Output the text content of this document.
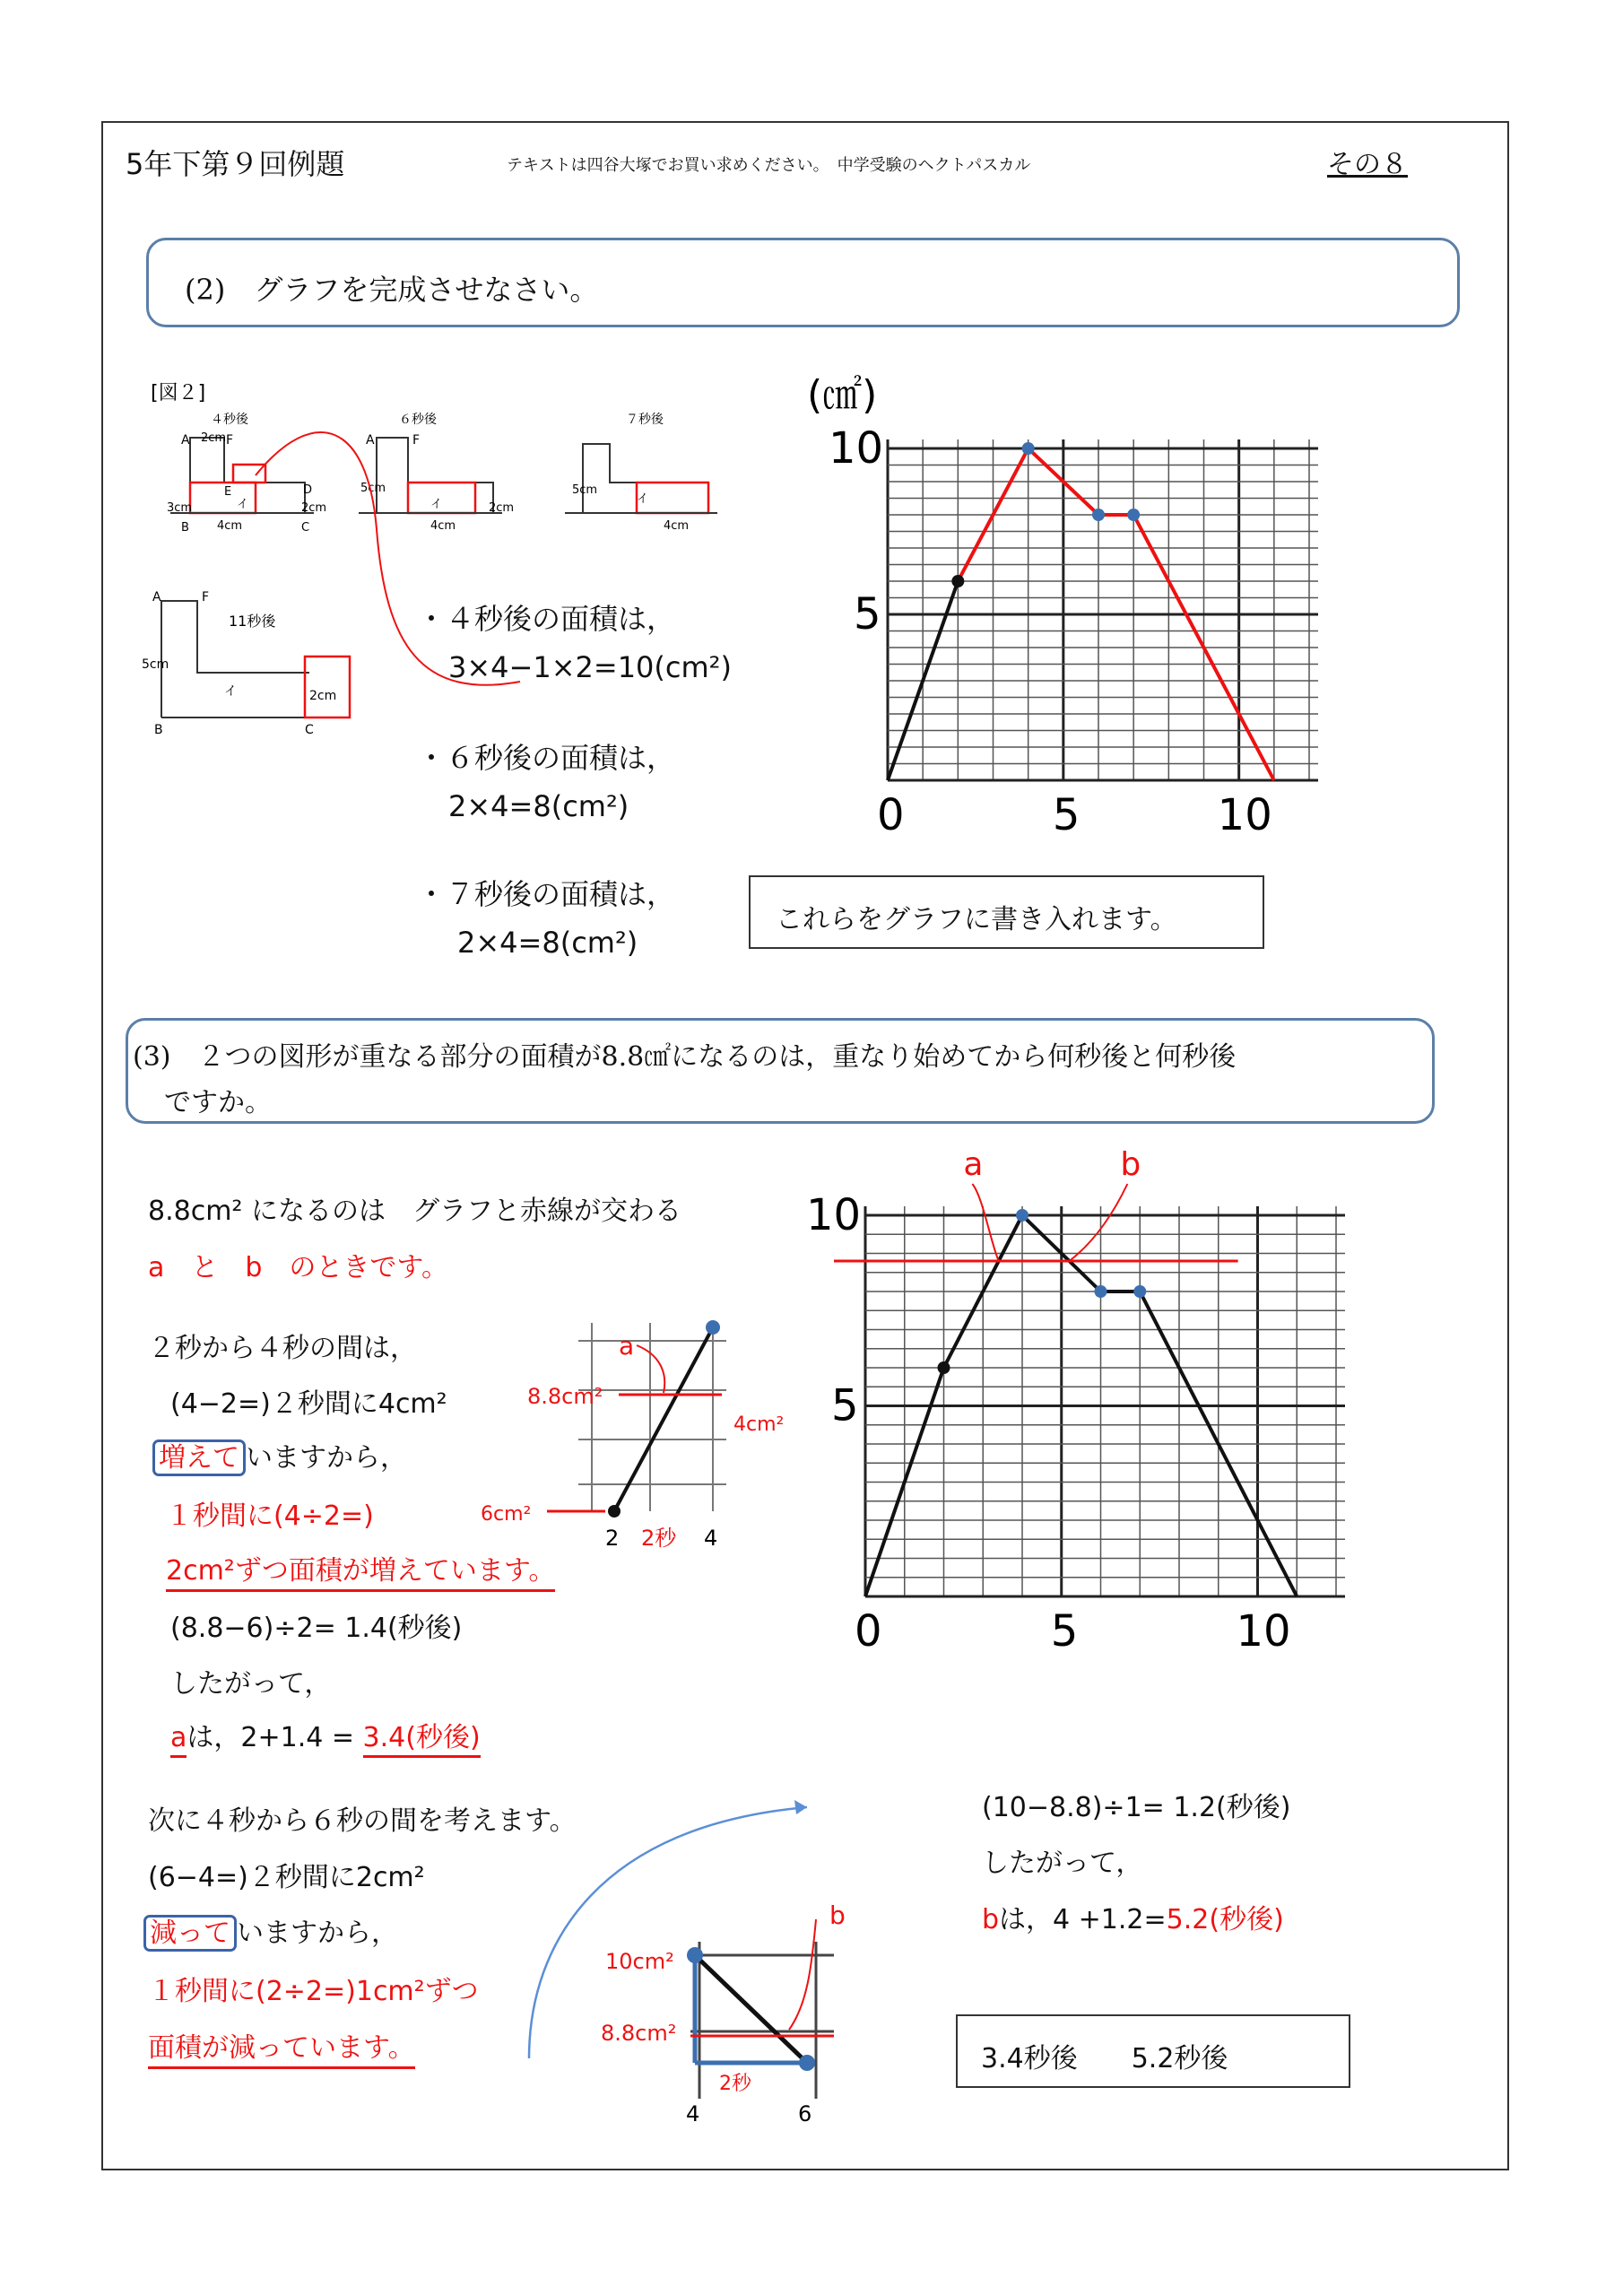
5年下第９回例題	テキストは四谷大塚でお買い求めください。　中学受験のヘクトパスカル	その８
(2)　グラフを完成させなさい。
[図２]
４秒後
A	F
2cm
3cm
4cm
D
2cm
B	C
E
イ
６秒後
A	F
5cm
4cm
イ	2cm
７秒後
5cm
4cm
イ
11秒後
A	F
5cm
イ	2cm
C
B
・４秒後の面積は，
3×4−1×2=10(cm²)
・６秒後の面積は，
2×4=8(cm²)
・７秒後の面積は，
2×4=8(cm²)
これらをグラフに書き入れます。
(㎠)
0	5	10
5
10
(3)　２つの図形が重なる部分の面積が8.8㎠になるのは，重なり始めてから何秒後と何秒後
ですか。
8.8cm² になるのは　グラフと赤線が交わる
a　と　b　のときです。
２秒から４秒の間は，
(4−2=)２秒間に4cm²
増えて いますから，
１秒間に(4÷2=)
2cm²ずつ面積が増えています。
(8.8−6)÷2= 1.4(秒後)
したがって，
aは，2+1.4 = 3.4(秒後)
次に４秒から６秒の間を考えます。
(6−4=)２秒間に2cm²
減って いますから，
１秒間に(2÷2=)1cm²ずつ
面積が減っています。
a
8.8cm²
4cm²
6cm²
2	4
2秒
b
10cm²
8.8cm²
2秒
4	6
(10−8.8)÷1= 1.2(秒後)
したがって，
bは，4 +1.2=5.2(秒後)
3.4秒後　　5.2秒後
0	5	10
5
10
a	b
